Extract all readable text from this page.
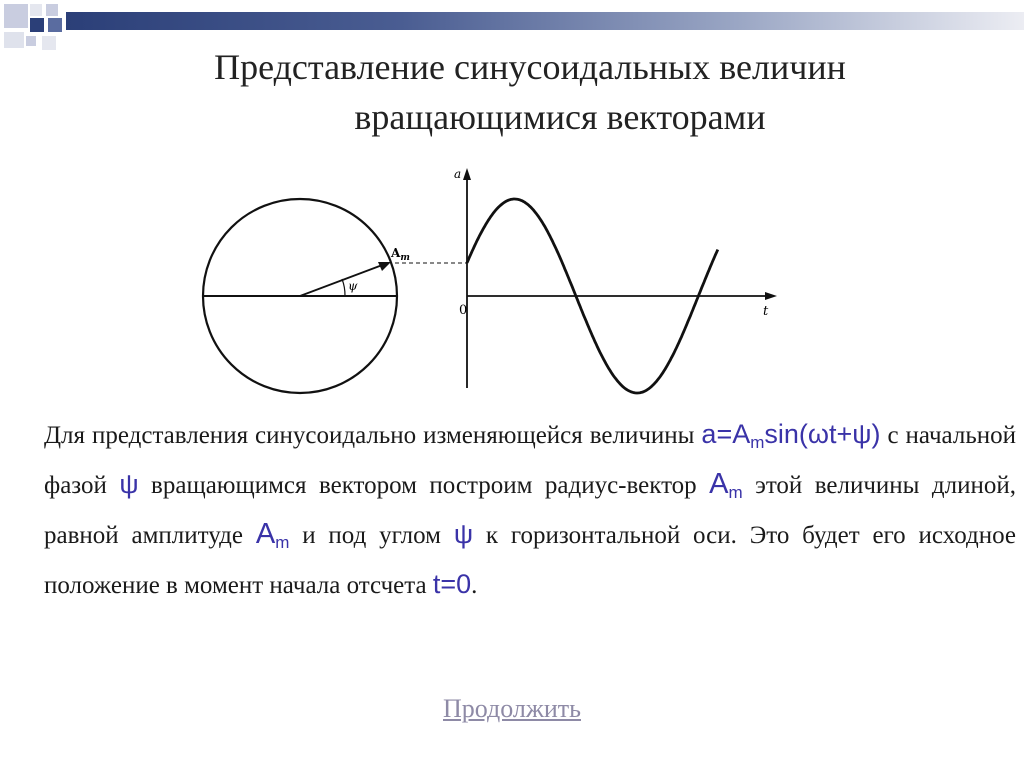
Представление синусоидальных величин
вращающимися векторами
ψ
$A_m$
a
0	t
Для представления синусоидально изменяющейся величины $a=A_m\sin(\omega t+\psi)$ с начальной фазой ψ вращающимся вектором построим радиус-вектор $A_m$ этой величины длиной, равной амплитуде $A_m$ и под углом ψ к горизонтальной оси. Это будет его исходное положение в момент начала отсчета t=0.
Продолжить
